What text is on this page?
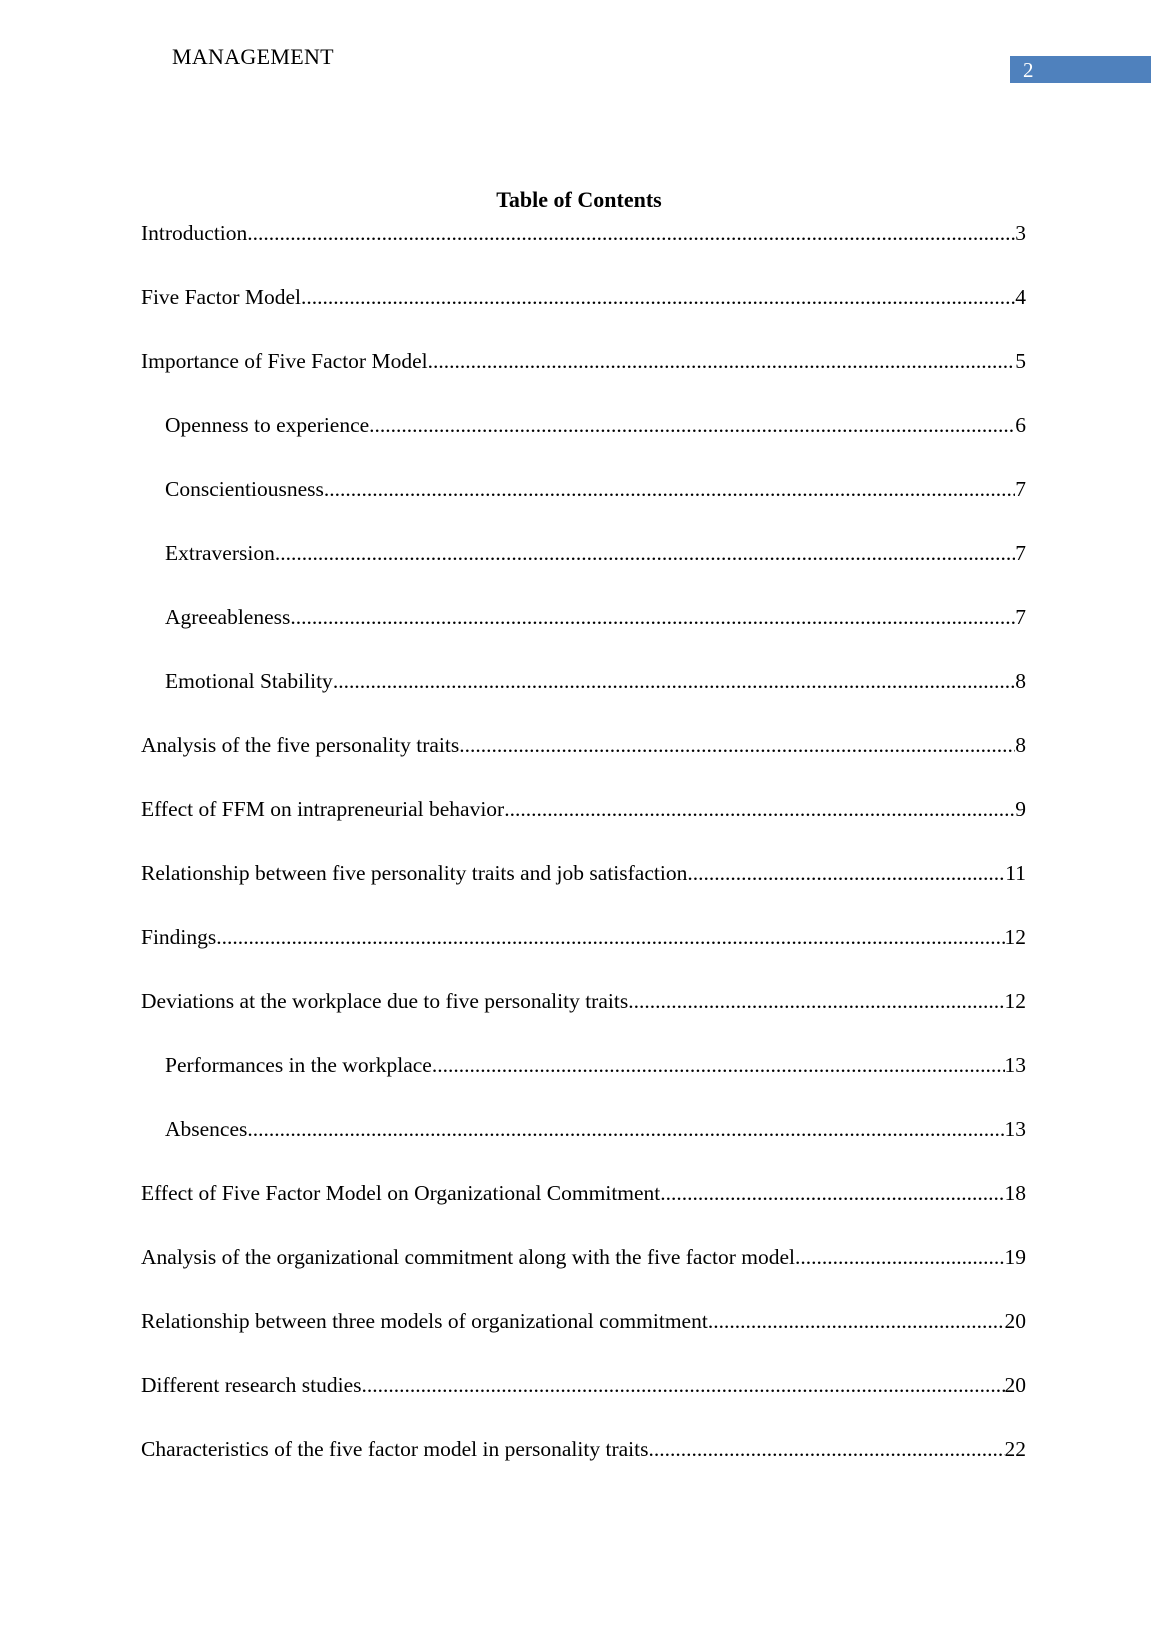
MANAGEMENT
2
Table of Contents
Introduction .....	3
Five Factor Model .....	4
Importance of Five Factor Model .....	5
Openness to experience .....	6
Conscientiousness .....	7
Extraversion .....	7
Agreeableness .....	7
Emotional Stability .....	8
Analysis of the five personality traits .....	8
Effect of FFM on intrapreneurial behavior .....	9
Relationship between five personality traits and job satisfaction .....	11
Findings .....	12
Deviations at the workplace due to five personality traits .....	12
Performances in the workplace .....	13
Absences .....	13
Effect of Five Factor Model on Organizational Commitment .....	18
Analysis of the organizational commitment along with the five factor model .....	19
Relationship between three models of organizational commitment .....	20
Different research studies .....	20
Characteristics of the five factor model in personality traits .....	22
